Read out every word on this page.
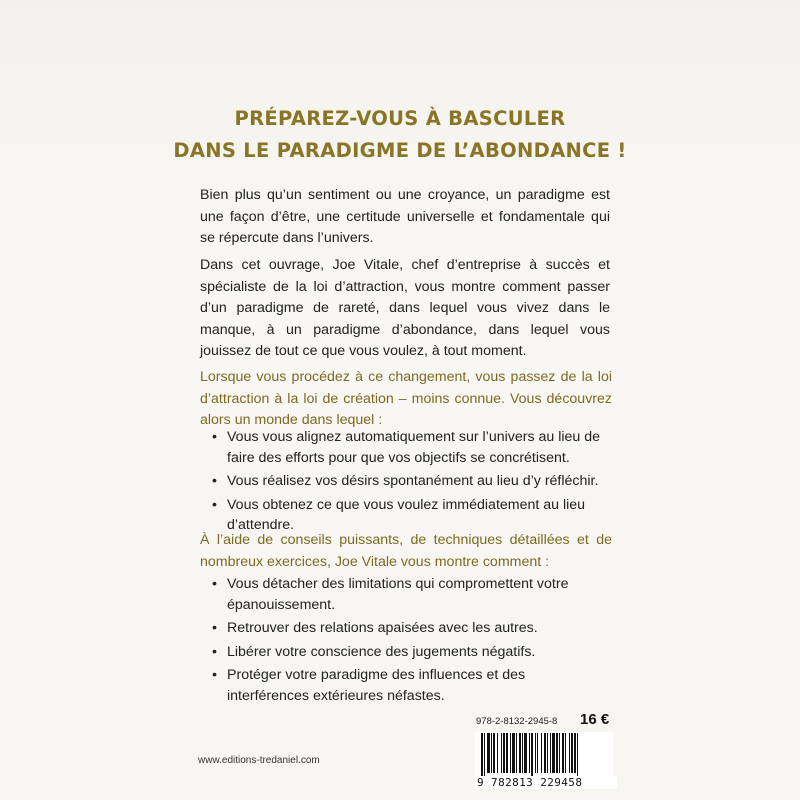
PRÉPAREZ-VOUS À BASCULER
DANS LE PARADIGME DE L’ABONDANCE !
Bien plus qu’un sentiment ou une croyance, un paradigme est une façon d’être, une certitude universelle et fondamentale qui se répercute dans l’univers.
Dans cet ouvrage, Joe Vitale, chef d’entreprise à succès et spécialiste de la loi d’attraction, vous montre comment passer d’un paradigme de rareté, dans lequel vous vivez dans le manque, à un paradigme d’abondance, dans lequel vous jouissez de tout ce que vous voulez, à tout moment.
Lorsque vous procédez à ce changement, vous passez de la loi d’attraction à la loi de création – moins connue. Vous découvrez alors un monde dans lequel :
• Vous vous alignez automatiquement sur l’univers au lieu de faire des efforts pour que vos objectifs se concrétisent.
• Vous réalisez vos désirs spontanément au lieu d’y réfléchir.
• Vous obtenez ce que vous voulez immédiatement au lieu d’attendre.
À l’aide de conseils puissants, de techniques détaillées et de nombreux exercices, Joe Vitale vous montre comment :
• Vous détacher des limitations qui compromettent votre épanouissement.
• Retrouver des relations apaisées avec les autres.
• Libérer votre conscience des jugements négatifs.
• Protéger votre paradigme des influences et des interférences extérieures néfastes.
www.editions-tredaniel.com
978-2-8132-2945-8 16 €
9 782813 229458
